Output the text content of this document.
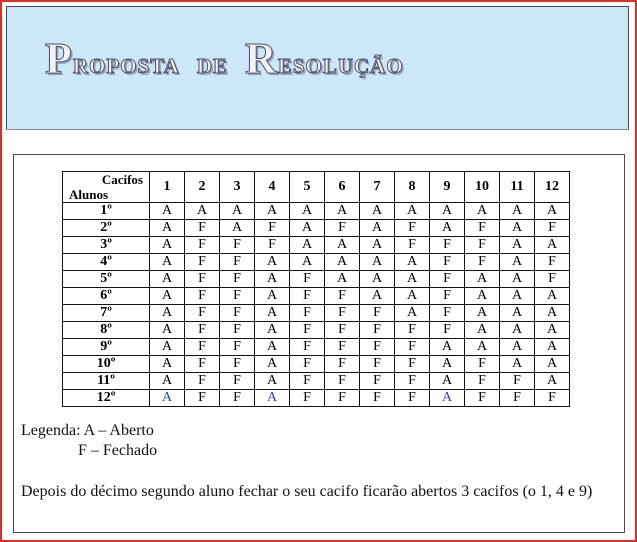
Proposta de Resolução
Cacifos
Alunos	1	2	3	4	5	6	7	8	9	10	11	12
1º	A	A	A	A	A	A	A	A	A	A	A	A
2º	A	F	A	F	A	F	A	F	A	F	A	F
3º	A	F	F	F	A	A	A	F	F	F	A	A
4º	A	F	F	A	A	A	A	A	F	F	A	F
5º	A	F	F	A	F	A	A	A	F	A	A	F
6º	A	F	F	A	F	F	A	A	F	A	A	A
7º	A	F	F	A	F	F	F	A	F	A	A	A
8º	A	F	F	A	F	F	F	F	F	A	A	A
9º	A	F	F	A	F	F	F	F	A	A	A	A
10º	A	F	F	A	F	F	F	F	A	F	A	A
11º	A	F	F	A	F	F	F	F	A	F	F	A
12º	A	F	F	A	F	F	F	F	A	F	F	F
Legenda: A – Aberto
F – Fechado
Depois do décimo segundo aluno fechar o seu cacifo ficarão abertos 3 cacifos (o 1, 4 e 9)
